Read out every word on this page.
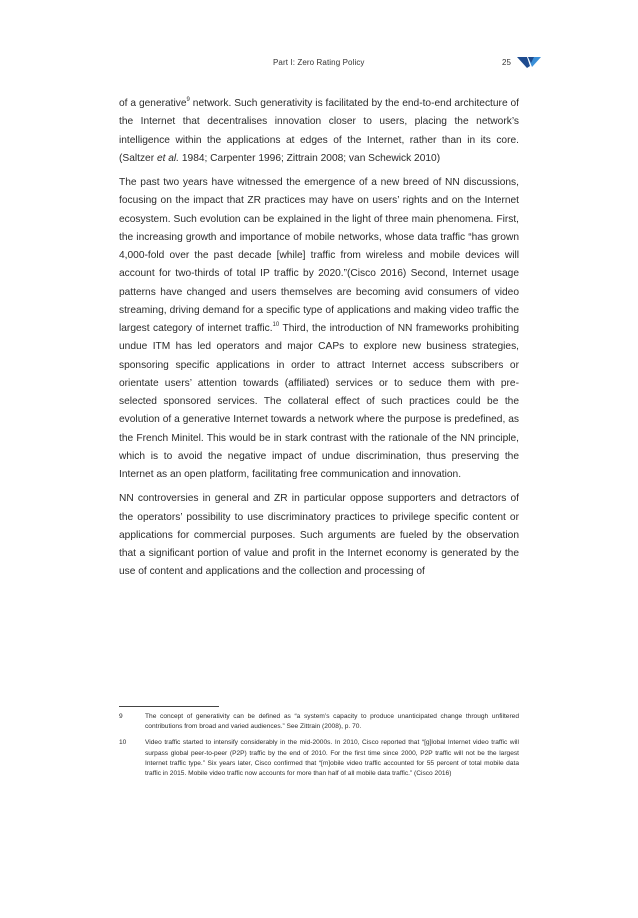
Part I: Zero Rating Policy	25

of a generative$^9$ network. Such generativity is facilitated by the end-to-end architecture of the Internet that decentralises innovation closer to users, placing the network’s intelligence within the applications at edges of the Internet, rather than in its core. (Saltzer et al. 1984; Carpenter 1996; Zittrain 2008; van Schewick 2010)

The past two years have witnessed the emergence of a new breed of NN discussions, focusing on the impact that ZR practices may have on users’ rights and on the Internet ecosystem. Such evolution can be explained in the light of three main phenomena. First, the increasing growth and importance of mobile networks, whose data traffic “has grown 4,000-fold over the past decade [while] traffic from wireless and mobile devices will account for two-thirds of total IP traffic by 2020.”(Cisco 2016) Second, Internet usage patterns have changed and users themselves are becoming avid consumers of video streaming, driving demand for a specific type of applications and making video traffic the largest category of internet traffic.$^{10}$ Third, the introduction of NN frameworks prohibiting undue ITM has led operators and major CAPs to explore new business strategies, sponsoring specific applications in order to attract Internet access subscribers or orientate users’ attention towards (affiliated) services or to seduce them with pre-selected sponsored services. The collateral effect of such practices could be the evolution of a generative Internet towards a network where the purpose is predefined, as the French Minitel. This would be in stark contrast with the rationale of the NN principle, which is to avoid the negative impact of undue discrimination, thus preserving the Internet as an open platform, facilitating free communication and innovation.

NN controversies in general and ZR in particular oppose supporters and detractors of the operators’ possibility to use discriminatory practices to privilege specific content or applications for commercial purposes. Such arguments are fueled by the observation that a significant portion of value and profit in the Internet economy is generated by the use of content and applications and the collection and processing of

9	The concept of generativity can be defined as “a system’s capacity to produce unanticipated change through unfiltered contributions from broad and varied audiences.” See Zittrain (2008), p. 70.
10	Video traffic started to intensify considerably in the mid-2000s. In 2010, Cisco reported that “[g]lobal Internet video traffic will surpass global peer-to-peer (P2P) traffic by the end of 2010. For the first time since 2000, P2P traffic will not be the largest Internet traffic type.” Six years later, Cisco confirmed that “[m]obile video traffic accounted for 55 percent of total mobile data traffic in 2015. Mobile video traffic now accounts for more than half of all mobile data traffic.” (Cisco 2016)
